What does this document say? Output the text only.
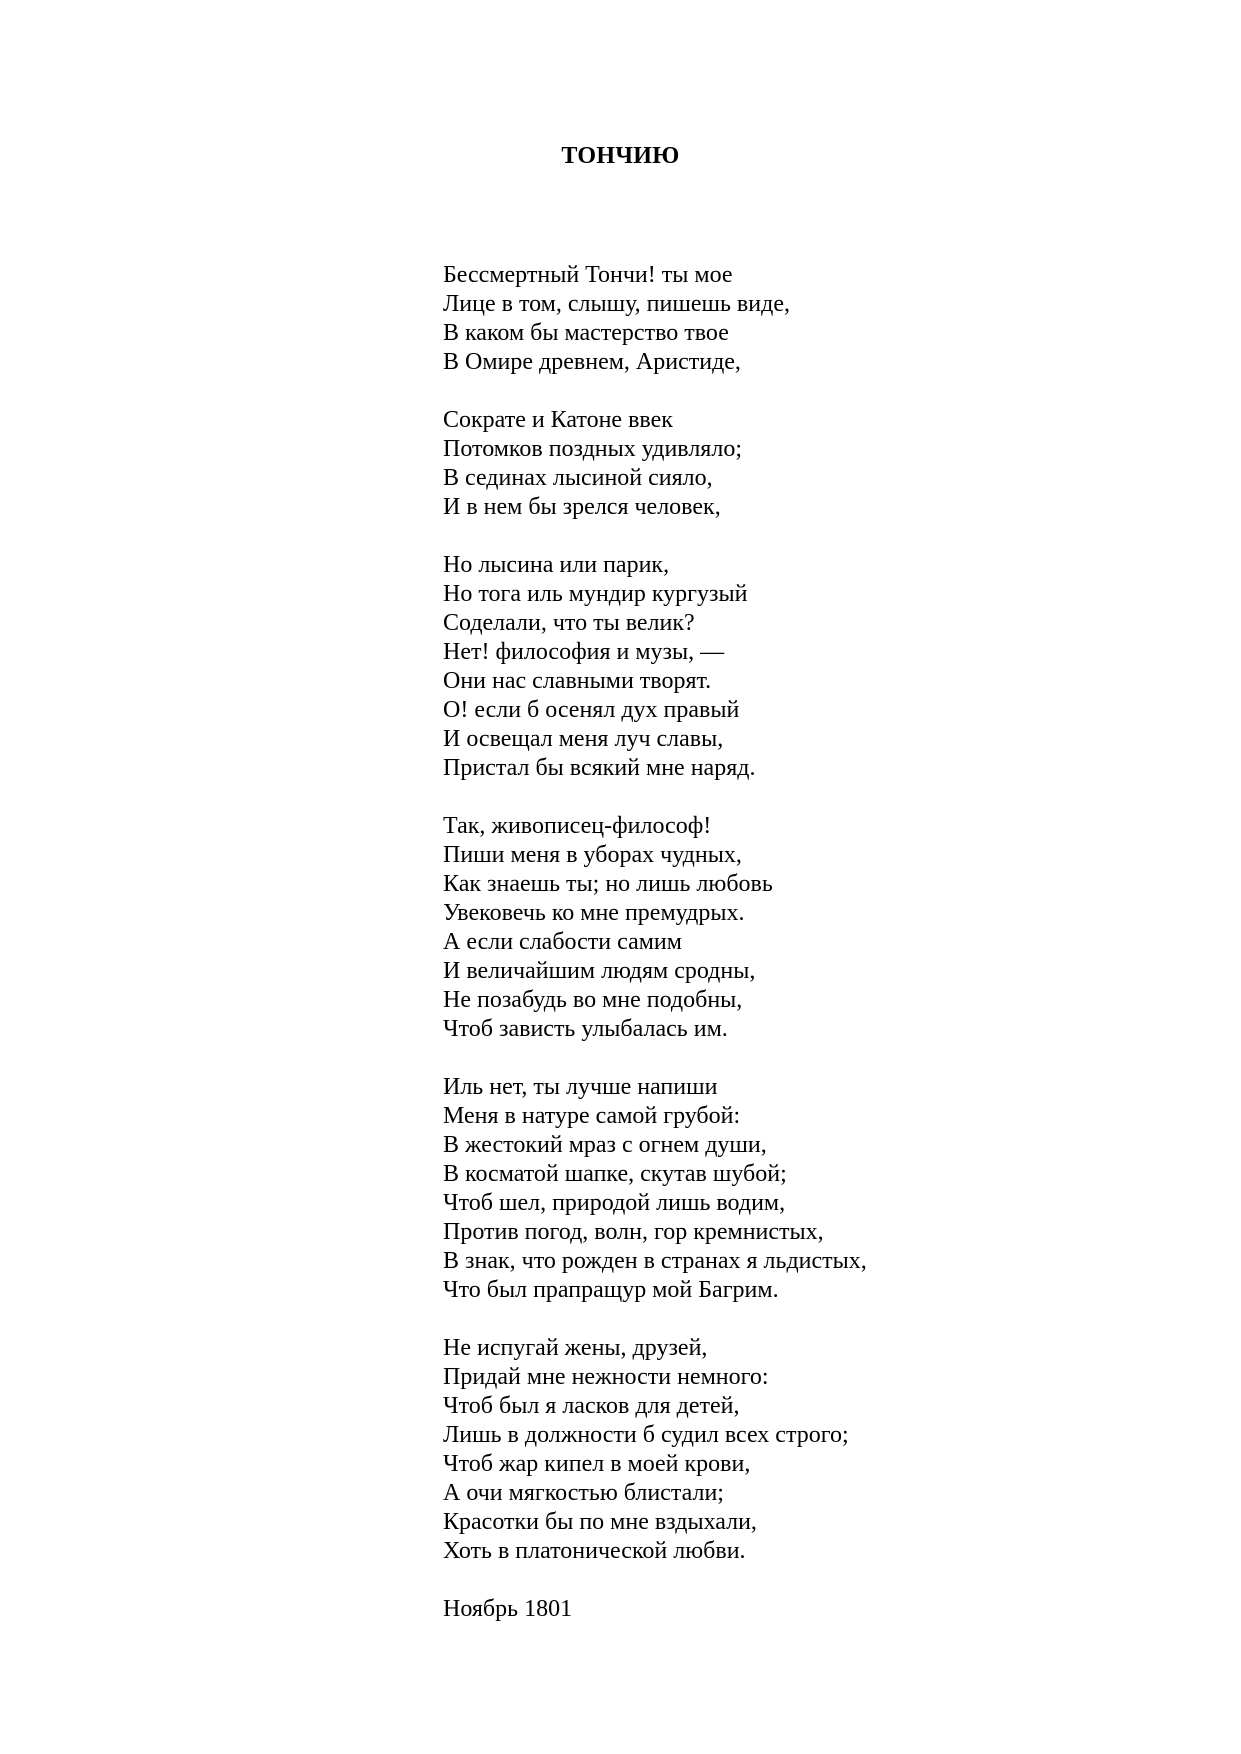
ТОНЧИЮ

Бессмертный Тончи! ты мое

Лице в том, слышу, пишешь виде,

В каком бы мастерство твое

В Омире древнем, Аристиде,

Сократе и Катоне ввек

Потомков поздных удивляло;

В сединах лысиной сияло,

И в нем бы зрелся человек,

Но лысина или парик,

Но тога иль мундир кургузый

Соделали, что ты велик?

Нет! философия и музы, —

Они нас славными творят.

О! если б осенял дух правый

И освещал меня луч славы,

Пристал бы всякий мне наряд.

Так, живописец-философ!

Пиши меня в уборах чудных,

Как знаешь ты; но лишь любовь

Увековечь ко мне премудрых.

А если слабости самим

И величайшим людям сродны,

Не позабудь во мне подобны,

Чтоб зависть улыбалась им.

Иль нет, ты лучше напиши

Меня в натуре самой грубой:

В жестокий мраз с огнем души,

В косматой шапке, скутав шубой;

Чтоб шел, природой лишь водим,

Против погод, волн, гор кремнистых,

В знак, что рожден в странах я льдистых,

Что был прапращур мой Багрим.

Не испугай жены, друзей,

Придай мне нежности немного:

Чтоб был я ласков для детей,

Лишь в должности б судил всех строго;

Чтоб жар кипел в моей крови,

А очи мягкостью блистали;

Красотки бы по мне вздыхали,

Хоть в платонической любви.

Ноябрь 1801
